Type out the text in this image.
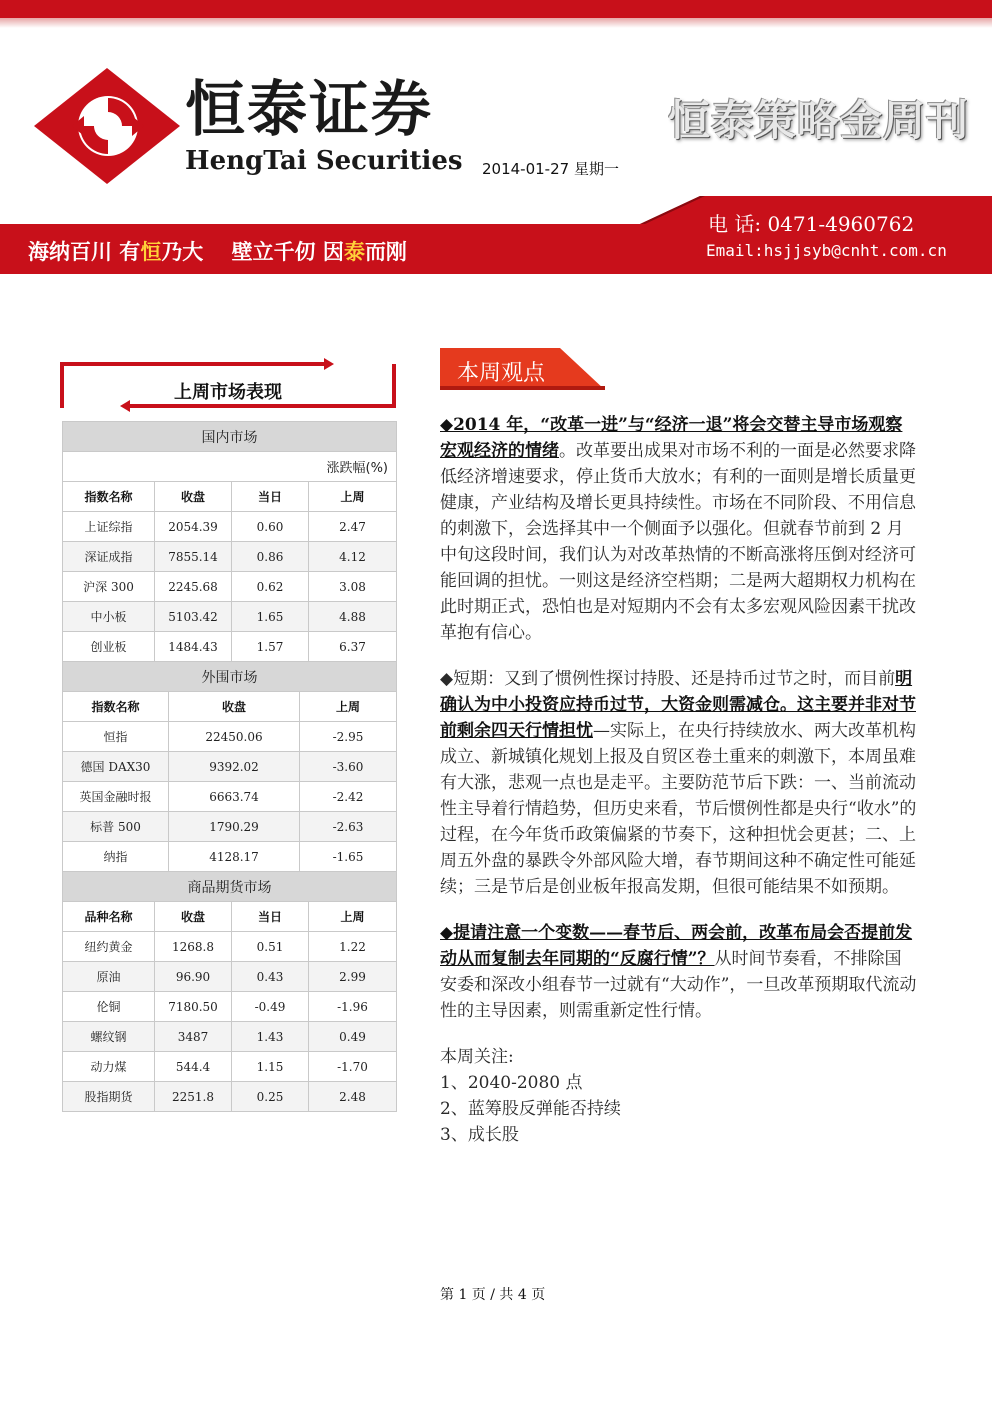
恒泰证券
HengTai Securities 2014-01-27 星期一
恒泰策略金周刊
海纳百川 有恒乃大　 壁立千仞 因泰而刚
电 话: 0471-4960762
Email:hsjjsyb@cnht.com.cn
上周市场表现
国内市场			
涨跌幅(%)			
指数名称	收盘	当日	上周
上证综指	2054.39	0.60	2.47
深证成指	7855.14	0.86	4.12
沪深 300	2245.68	0.62	3.08
中小板	5103.42	1.65	4.88
创业板	1484.43	1.57	6.37
外围市场		
指数名称	收盘	上周
恒指	22450.06	-2.95
德国 DAX30	9392.02	-3.60
英国金融时报	6663.74	-2.42
标普 500	1790.29	-2.63
纳指	4128.17	-1.65
商品期货市场			
品种名称	收盘	当日	上周
纽约黄金	1268.8	0.51	1.22
原油	96.90	0.43	2.99
伦铜	7180.50	-0.49	-1.96
螺纹钢	3487	1.43	0.49
动力煤	544.4	1.15	-1.70
股指期货	2251.8	0.25	2.48
本周观点

◆2014 年，“改革一进”与“经济一退”将会交替主导市场观察宏观经济的情绪。改革要出成果对市场不利的一面是必然要求降低经济增速要求，停止货币大放水；有利的一面则是增长质量更健康，产业结构及增长更具持续性。市场在不同阶段、不用信息的刺激下，会选择其中一个侧面予以强化。但就春节前到 2 月中旬这段时间，我们认为对改革热情的不断高涨将压倒对经济可能回调的担忧。一则这是经济空档期；二是两大超期权力机构在此时期正式，恐怕也是对短期内不会有太多宏观风险因素干扰改革抱有信心。

◆短期：又到了惯例性探讨持股、还是持币过节之时，而目前明确认为中小投资应持币过节，大资金则需减仓。这主要并非对节前剩余四天行情担忧—实际上，在央行持续放水、两大改革机构成立、新城镇化规划上报及自贸区卷土重来的刺激下，本周虽难有大涨，悲观一点也是走平。主要防范节后下跌：一、当前流动性主导着行情趋势，但历史来看，节后惯例性都是央行“收水”的过程，在今年货币政策偏紧的节奏下，这种担忧会更甚；二、上周五外盘的暴跌令外部风险大增，春节期间这种不确定性可能延续；三是节后是创业板年报高发期，但很可能结果不如预期。

◆提请注意一个变数——春节后、两会前，改革布局会否提前发动从而复制去年同期的“反腐行情”？从时间节奏看，不排除国安委和深改小组春节一过就有“大动作”，一旦改革预期取代流动性的主导因素，则需重新定性行情。

本周关注:

1、2040-2080 点

2、蓝筹股反弹能否持续

3、成长股

第 1 页 / 共 4 页
